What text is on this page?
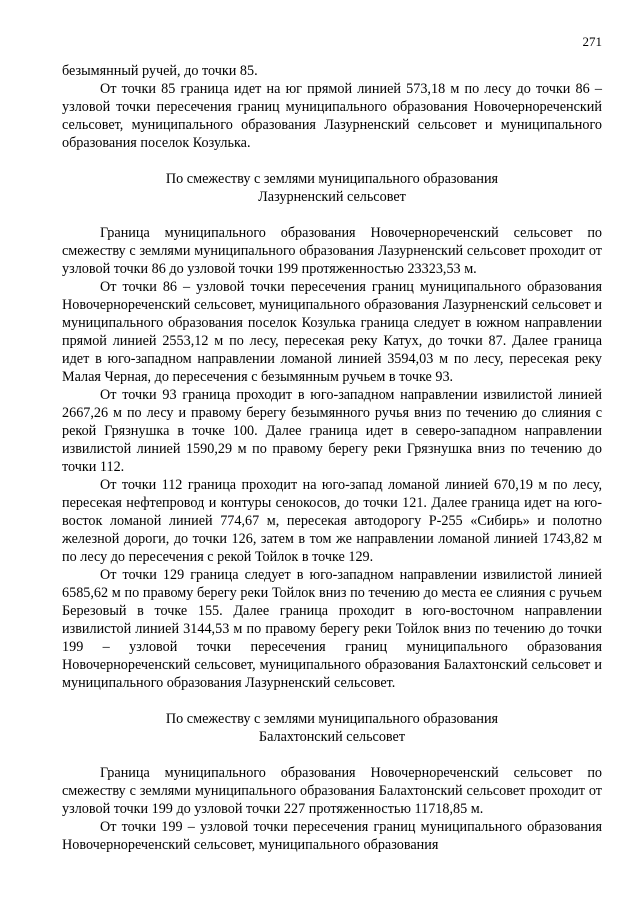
271

безымянный ручей, до точки 85.

От точки 85 граница идет на юг прямой линией 573,18 м по лесу до точки 86 – узловой точки пересечения границ муниципального образования Новочернореченский сельсовет, муниципального образования Лазурненский сельсовет и муниципального образования поселок Козулька.

По смежеству с землями муниципального образования
Лазурненский сельсовет

Граница муниципального образования Новочернореченский сельсовет по смежеству с землями муниципального образования Лазурненский сельсовет проходит от узловой точки 86 до узловой точки 199 протяженностью 23323,53 м.

От точки 86 – узловой точки пересечения границ муниципального образования Новочернореченский сельсовет, муниципального образования Лазурненский сельсовет и муниципального образования поселок Козулька граница следует в южном направлении прямой линией 2553,12 м по лесу, пересекая реку Катух, до точки 87. Далее граница идет в юго-западном направлении ломаной линией 3594,03 м по лесу, пересекая реку Малая Черная, до пересечения с безымянным ручьем в точке 93.

От точки 93 граница проходит в юго-западном направлении извилистой линией 2667,26 м по лесу и правому берегу безымянного ручья вниз по течению до слияния с рекой Грязнушка в точке 100. Далее граница идет в северо-западном направлении извилистой линией 1590,29 м по правому берегу реки Грязнушка вниз по течению до точки 112.

От точки 112 граница проходит на юго-запад ломаной линией 670,19 м по лесу, пересекая нефтепровод и контуры сенокосов, до точки 121. Далее граница идет на юго-восток ломаной линией 774,67 м, пересекая автодорогу Р-255 «Сибирь» и полотно железной дороги, до точки 126, затем в том же направлении ломаной линией 1743,82 м по лесу до пересечения с рекой Тойлок в точке 129.

От точки 129 граница следует в юго-западном направлении извилистой линией 6585,62 м по правому берегу реки Тойлок вниз по течению до места ее слияния с ручьем Березовый в точке 155. Далее граница проходит в юго-восточном направлении извилистой линией 3144,53 м по правому берегу реки Тойлок вниз по течению до точки 199 – узловой точки пересечения границ муниципального образования Новочернореченский сельсовет, муниципального образования Балахтонский сельсовет и муниципального образования Лазурненский сельсовет.

По смежеству с землями муниципального образования
Балахтонский сельсовет

Граница муниципального образования Новочернореченский сельсовет по смежеству с землями муниципального образования Балахтонский сельсовет проходит от узловой точки 199 до узловой точки 227 протяженностью 11718,85 м.

От точки 199 – узловой точки пересечения границ муниципального образования Новочернореченский сельсовет, муниципального образования
